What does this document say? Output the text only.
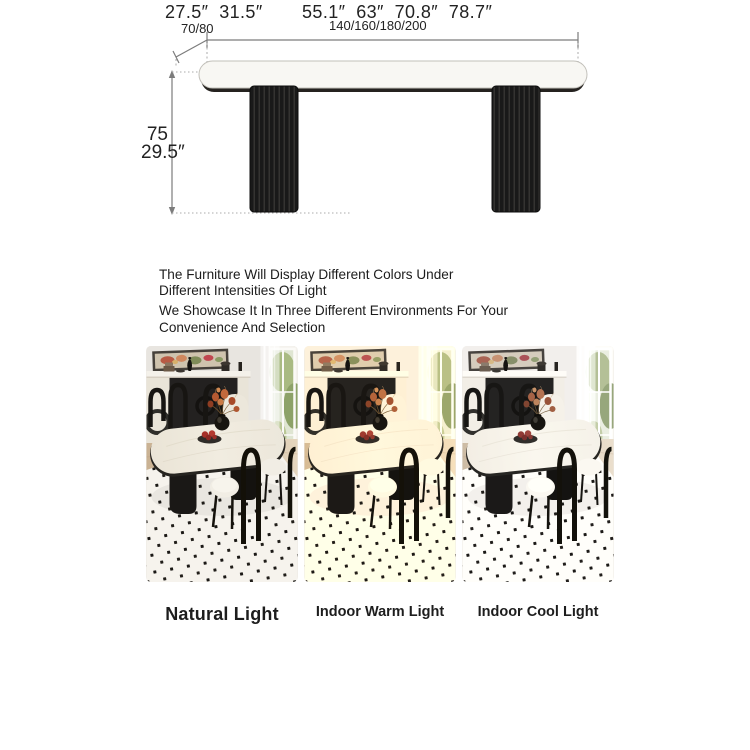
27.5″  31.5″ 55.1″  63″  70.8″  78.7″
70/80	140/160/180/200
75
29.5″
The Furniture Will Display Different Colors Under
Different Intensities Of Light
We Showcase It In Three Different Environments For Your
Convenience And Selection
Natural Light	Indoor Warm Light Indoor Cool Light
